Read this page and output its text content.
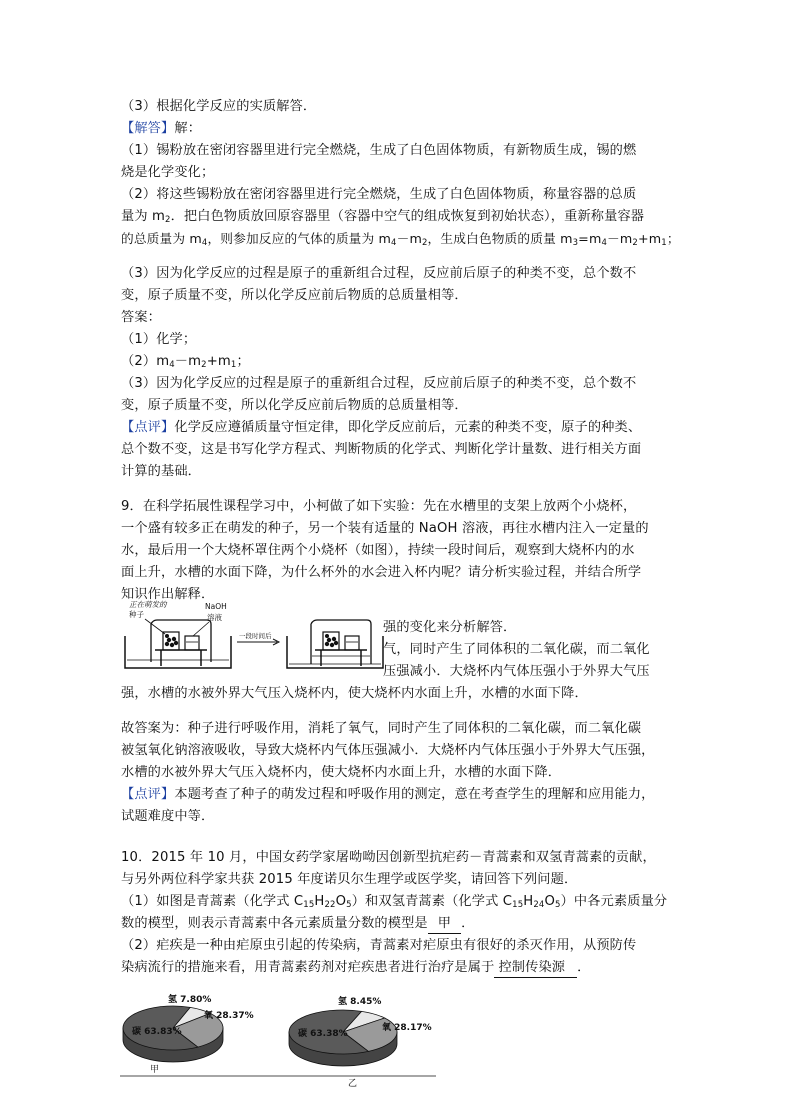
（3）根据化学反应的实质解答．
【解答】解：
（1）锡粉放在密闭容器里进行完全燃烧，生成了白色固体物质，有新物质生成，锡的燃
烧是化学变化；
（2）将这些锡粉放在密闭容器里进行完全燃烧，生成了白色固体物质，称量容器的总质
量为 $m_2$．把白色物质放回原容器里（容器中空气的组成恢复到初始状态），重新称量容器
的总质量为 $m_4$，则参加反应的气体的质量为 $m_4-m_2$，生成白色物质的质量 $m_3=m_4-m_2+m_1$；
（3）因为化学反应的过程是原子的重新组合过程，反应前后原子的种类不变，总个数不
变，原子质量不变，所以化学反应前后物质的总质量相等．
答案：
（1）化学；
$(2)m_4-m_2+m_1$；
（3）因为化学反应的过程是原子的重新组合过程，反应前后原子的种类不变，总个数不
变，原子质量不变，所以化学反应前后物质的总质量相等．
【点评】化学反应遵循质量守恒定律，即化学反应前后，元素的种类不变，原子的种类、
总个数不变，这是书写化学方程式、判断物质的化学式、判断化学计量数、进行相关方面
计算的基础．
9．在科学拓展性课程学习中，小柯做了如下实验：先在水槽里的支架上放两个小烧杯，
一个盛有较多正在萌发的种子，另一个装有适量的 NaOH 溶液，再往水槽内注入一定量的
水，最后用一个大烧杯罩住两个小烧杯（如图），持续一段时间后，观察到大烧杯内的水
面上升，水槽的水面下降，为什么杯外的水会进入杯内呢？请分析实验过程，并结合所学
知识作出解释．
正在萌发的
种子
NaOH
溶液
一段时间后
强的变化来分析解答．
气，同时产生了同体积的二氧化碳，而二氧化
压强减小．大烧杯内气体压强小于外界大气压
强，水槽的水被外界大气压入烧杯内，使大烧杯内水面上升，水槽的水面下降．
故答案为：种子进行呼吸作用，消耗了氧气，同时产生了同体积的二氧化碳，而二氧化碳
被氢氧化钠溶液吸收，导致大烧杯内气体压强减小．大烧杯内气体压强小于外界大气压强，
水槽的水被外界大气压入烧杯内，使大烧杯内水面上升，水槽的水面下降．
【点评】本题考查了种子的萌发过程和呼吸作用的测定，意在考查学生的理解和应用能力，
试题难度中等．
10．2015 年 10 月，中国女药学家屠呦呦因创新型抗疟药－青蒿素和双氢青蒿素的贡献，
与另外两位科学家共获 2015 年度诺贝尔生理学或医学奖，请回答下列问题．
（1）如图是青蒿素（化学式 $C_{15}H_{22}O_5$）和双氢青蒿素（化学式 $C_{15}H_{24}O_5$）中各元素质量分
数的模型，则表示青蒿素中各元素质量分数的模型是 甲 ．
（2）疟疾是一种由疟原虫引起的传染病，青蒿素对疟原虫有很好的杀灭作用，从预防传
染病流行的措施来看，用青蒿素药剂对疟疾患者进行治疗是属于 控制传染源 ．
氢 7.80%
氧 28.37%
碳 63.83%
甲
氢 8.45%
氧 28.17%
碳 63.38%
乙
